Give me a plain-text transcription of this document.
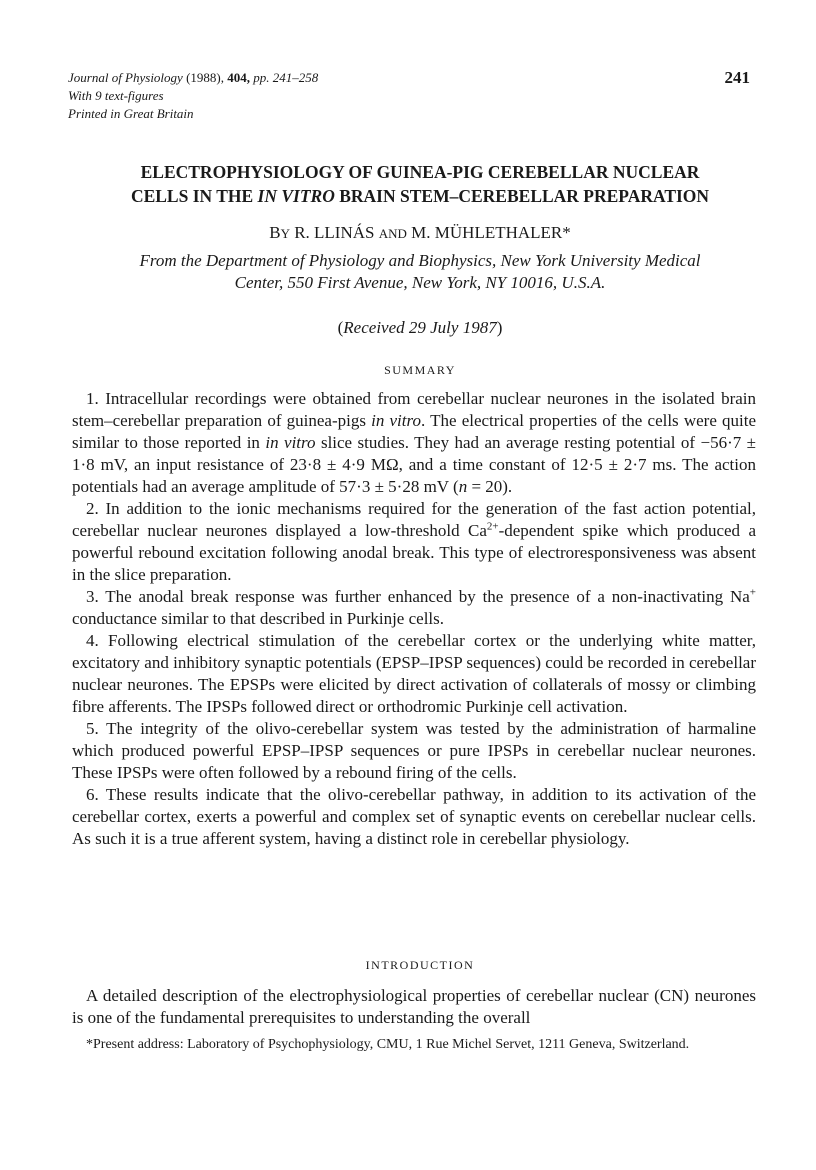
Journal of Physiology (1988), 404, pp. 241–258
With 9 text-figures
Printed in Great Britain
241
ELECTROPHYSIOLOGY OF GUINEA-PIG CEREBELLAR NUCLEAR
CELLS IN THE IN VITRO BRAIN STEM–CEREBELLAR PREPARATION
BY R. LLINÁS AND M. MÜHLETHALER*
From the Department of Physiology and Biophysics, New York University Medical
Center, 550 First Avenue, New York, NY 10016, U.S.A.
(Received 29 July 1987)
SUMMARY

1. Intracellular recordings were obtained from cerebellar nuclear neurones in the isolated brain stem–cerebellar preparation of guinea-pigs in vitro. The electrical properties of the cells were quite similar to those reported in in vitro slice studies. They had an average resting potential of −56·7 ± 1·8 mV, an input resistance of 23·8 ± 4·9 MΩ, and a time constant of 12·5 ± 2·7 ms. The action potentials had an average amplitude of 57·3 ± 5·28 mV (n = 20).

2. In addition to the ionic mechanisms required for the generation of the fast action potential, cerebellar nuclear neurones displayed a low-threshold $Ca^{2+}$-dependent spike which produced a powerful rebound excitation following anodal break. This type of electroresponsiveness was absent in the slice preparation.

3. The anodal break response was further enhanced by the presence of a non-inactivating Na+ conductance similar to that described in Purkinje cells.

4. Following electrical stimulation of the cerebellar cortex or the underlying white matter, excitatory and inhibitory synaptic potentials (EPSP–IPSP sequences) could be recorded in cerebellar nuclear neurones. The EPSPs were elicited by direct activation of collaterals of mossy or climbing fibre afferents. The IPSPs followed direct or orthodromic Purkinje cell activation.

5. The integrity of the olivo-cerebellar system was tested by the administration of harmaline which produced powerful EPSP–IPSP sequences or pure IPSPs in cerebellar nuclear neurones. These IPSPs were often followed by a rebound firing of the cells.

6. These results indicate that the olivo-cerebellar pathway, in addition to its activation of the cerebellar cortex, exerts a powerful and complex set of synaptic events on cerebellar nuclear cells. As such it is a true afferent system, having a distinct role in cerebellar physiology.

INTRODUCTION

A detailed description of the electrophysiological properties of cerebellar nuclear (CN) neurones is one of the fundamental prerequisites to understanding the overall

*Present address: Laboratory of Psychophysiology, CMU, 1 Rue Michel Servet, 1211 Geneva, Switzerland.
